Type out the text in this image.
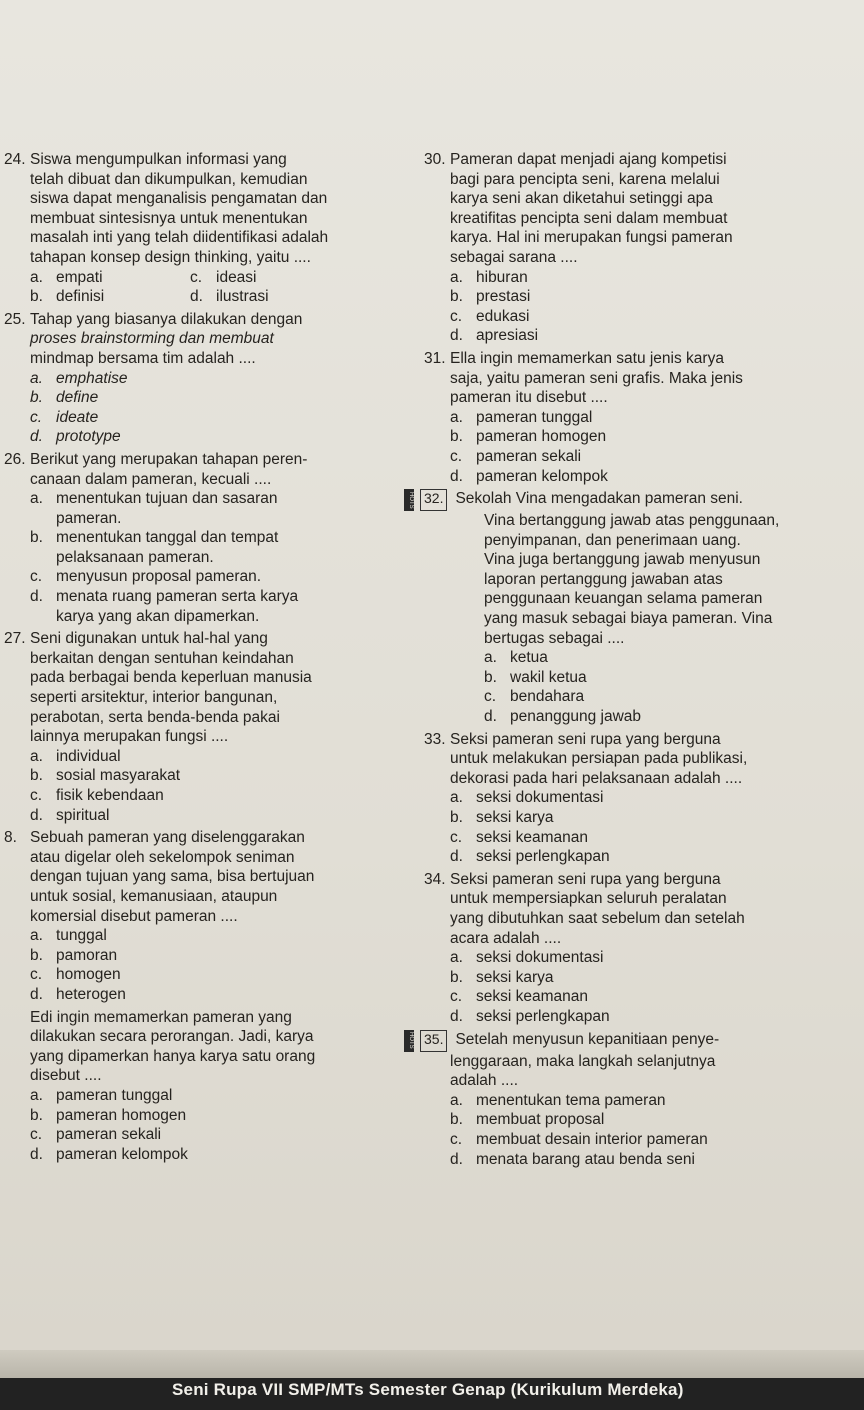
24. Siswa mengumpulkan informasi yang

telah dibuat dan dikumpulkan, kemudian

siswa dapat menganalisis pengamatan dan

membuat sintesisnya untuk menentukan

masalah inti yang telah diidentifikasi adalah

tahapan konsep design thinking, yaitu ....

a. empati	c. ideasi
b. definisi	d. ilustrasi
25. Tahap yang biasanya dilakukan dengan

proses brainstorming dan membuat

mindmap bersama tim adalah ....

a. emphatise
b. define
c. ideate
d. prototype
26. Berikut yang merupakan tahapan peren-

canaan dalam pameran, kecuali ....

a. menentukan tujuan dan sasaran
pameran.
b. menentukan tanggal dan tempat
pelaksanaan pameran.
c. menyusun proposal pameran.
d. menata ruang pameran serta karya
karya yang akan dipamerkan.
27. Seni digunakan untuk hal-hal yang

berkaitan dengan sentuhan keindahan

pada berbagai benda keperluan manusia

seperti arsitektur, interior bangunan,

perabotan, serta benda-benda pakai

lainnya merupakan fungsi ....

a. individual
b. sosial masyarakat
c. fisik kebendaan
d. spiritual
8. Sebuah pameran yang diselenggarakan

atau digelar oleh sekelompok seniman

dengan tujuan yang sama, bisa bertujuan

untuk sosial, kemanusiaan, ataupun

komersial disebut pameran ....

a. tunggal
b. pamoran
c. homogen
d. heterogen

Edi ingin memamerkan pameran yang

dilakukan secara perorangan. Jadi, karya

yang dipamerkan hanya karya satu orang

disebut ....

a. pameran tunggal
b. pameran homogen
c. pameran sekali
d. pameran kelompok
30. Pameran dapat menjadi ajang kompetisi

bagi para pencipta seni, karena melalui

karya seni akan diketahui setinggi apa

kreatifitas pencipta seni dalam membuat

karya. Hal ini merupakan fungsi pameran

sebagai sarana ....

a. hiburan
b. prestasi
c. edukasi
d. apresiasi
31. Ella ingin memamerkan satu jenis karya

saja, yaitu pameran seni grafis. Maka jenis

pameran itu disebut ....

a. pameran tunggal
b. pameran homogen
c. pameran sekali
d. pameran kelompok
HOTS 32. Sekolah Vina mengadakan pameran seni.

Vina bertanggung jawab atas penggunaan,

penyimpanan, dan penerimaan uang.

Vina juga bertanggung jawab menyusun

laporan pertanggung jawaban atas

penggunaan keuangan selama pameran

yang masuk sebagai biaya pameran. Vina

bertugas sebagai ....

a. ketua
b. wakil ketua
c. bendahara
d. penanggung jawab
33. Seksi pameran seni rupa yang berguna

untuk melakukan persiapan pada publikasi,

dekorasi pada hari pelaksanaan adalah ....

a. seksi dokumentasi
b. seksi karya
c. seksi keamanan
d. seksi perlengkapan
34. Seksi pameran seni rupa yang berguna

untuk mempersiapkan seluruh peralatan

yang dibutuhkan saat sebelum dan setelah

acara adalah ....

a. seksi dokumentasi
b. seksi karya
c. seksi keamanan
d. seksi perlengkapan
HOTS 35. Setelah menyusun kepanitiaan penye-

lenggaraan, maka langkah selanjutnya

adalah ....

a. menentukan tema pameran
b. membuat proposal
c. membuat desain interior pameran
d. menata barang atau benda seni
Seni Rupa VII SMP/MTs Semester Genap (Kurikulum Merdeka)
